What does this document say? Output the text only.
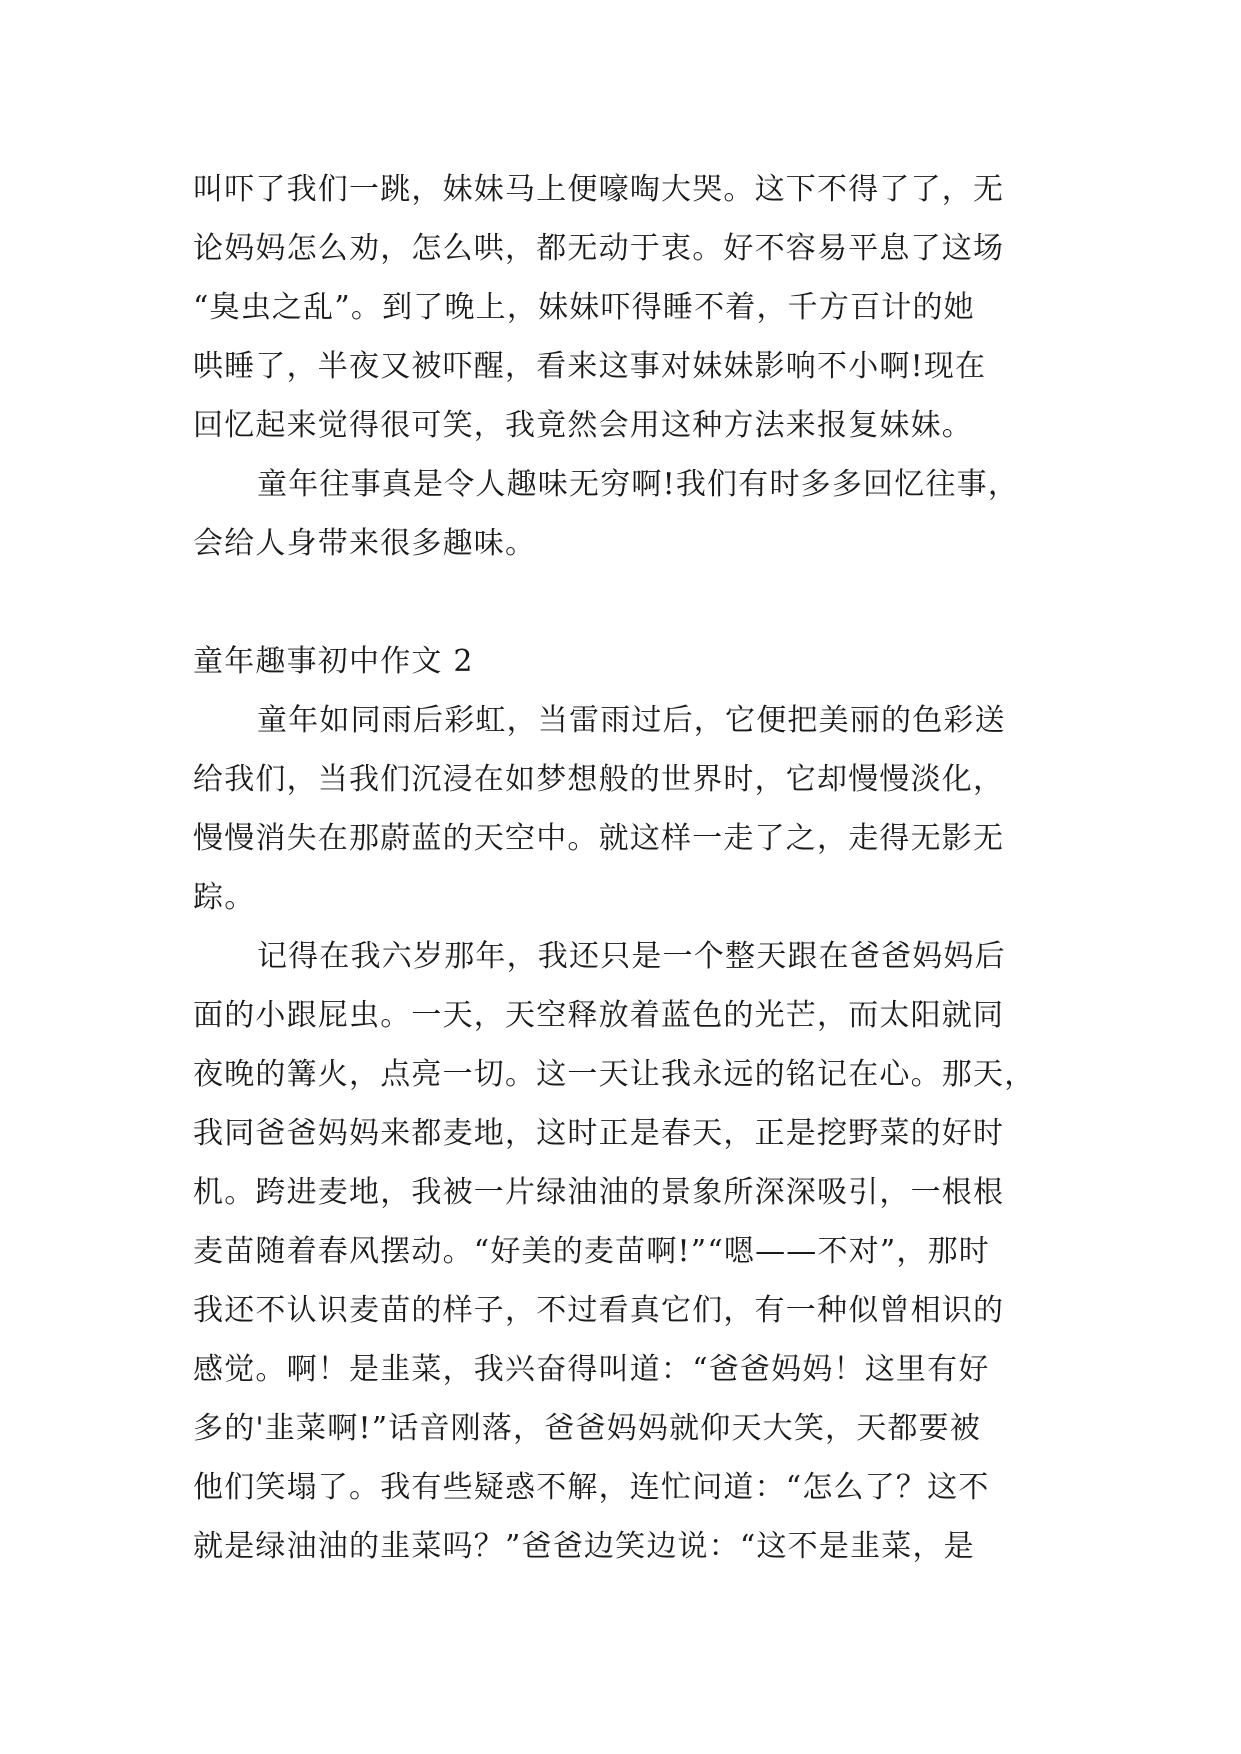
叫吓了我们一跳，妹妹马上便嚎啕大哭。这下不得了了，无
论妈妈怎么劝，怎么哄，都无动于衷。好不容易平息了这场
“臭虫之乱”。到了晚上，妹妹吓得睡不着，千方百计的她
哄睡了，半夜又被吓醒，看来这事对妹妹影响不小啊!现在
回忆起来觉得很可笑，我竟然会用这种方法来报复妹妹。
童年往事真是令人趣味无穷啊!我们有时多多回忆往事，
会给人身带来很多趣味。
童年趣事初中作文 2
童年如同雨后彩虹，当雷雨过后，它便把美丽的色彩送
给我们，当我们沉浸在如梦想般的世界时，它却慢慢淡化，
慢慢消失在那蔚蓝的天空中。就这样一走了之，走得无影无
踪。
记得在我六岁那年，我还只是一个整天跟在爸爸妈妈后
面的小跟屁虫。一天，天空释放着蓝色的光芒，而太阳就同
夜晚的篝火，点亮一切。这一天让我永远的铭记在心。那天，
我同爸爸妈妈来都麦地，这时正是春天，正是挖野菜的好时
机。跨进麦地，我被一片绿油油的景象所深深吸引，一根根
麦苗随着春风摆动。“好美的麦苗啊!”“嗯——不对”，那时
我还不认识麦苗的样子，不过看真它们，有一种似曾相识的
感觉。啊！是韭菜，我兴奋得叫道：“爸爸妈妈！这里有好
多的'韭菜啊!”话音刚落，爸爸妈妈就仰天大笑，天都要被
他们笑塌了。我有些疑惑不解，连忙问道：“怎么了？这不
就是绿油油的韭菜吗？”爸爸边笑边说：“这不是韭菜，是
